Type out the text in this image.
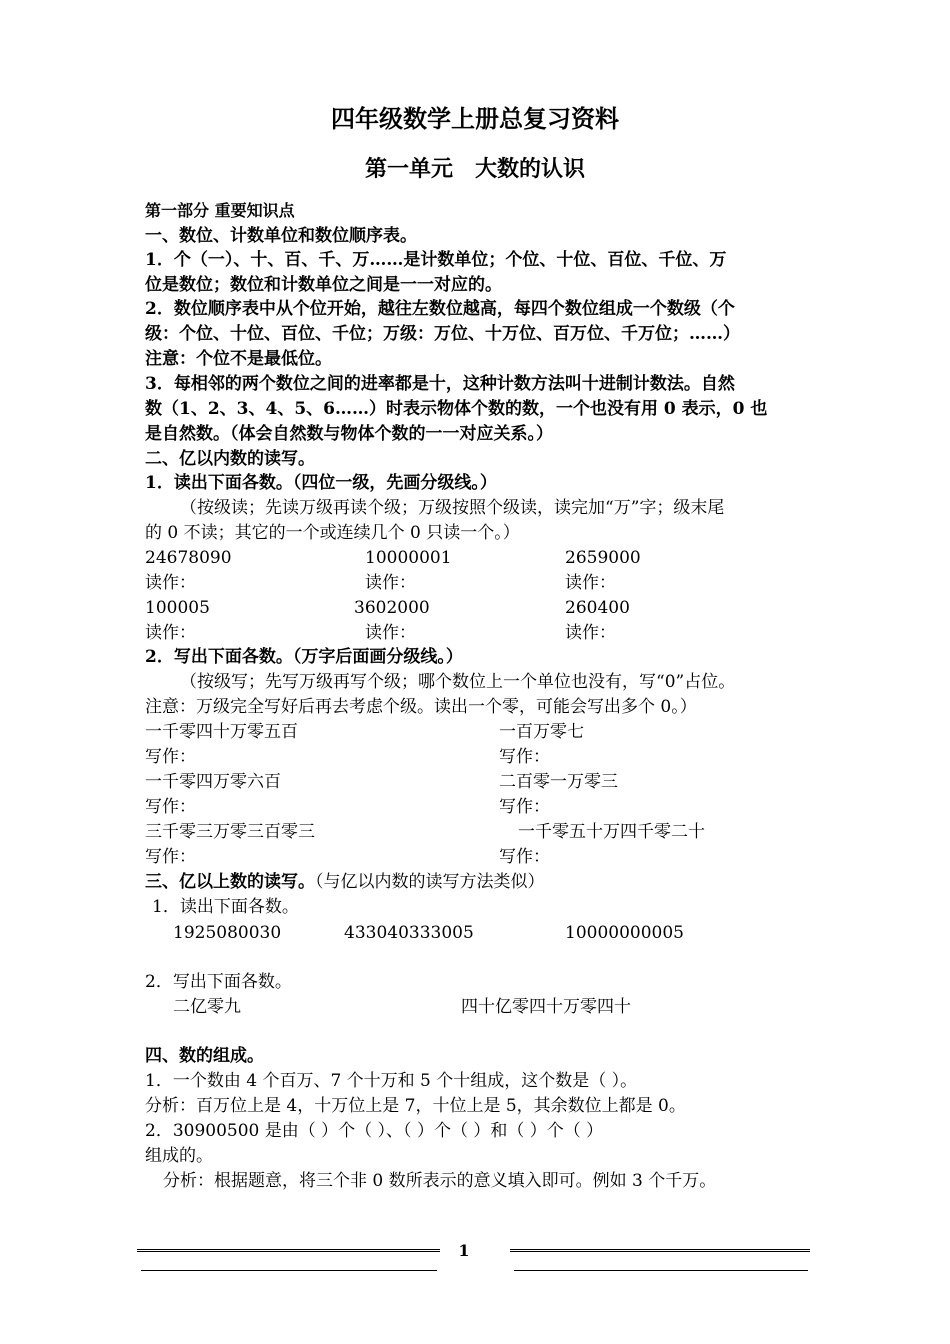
四年级数学上册总复习资料
第一单元　大数的认识
第一部分 重要知识点
一、数位、计数单位和数位顺序表。
1．个（一）、十、百、千、万……是计数单位；个位、十位、百位、千位、万
位是数位；数位和计数单位之间是一一对应的。
2．数位顺序表中从个位开始，越往左数位越高，每四个数位组成一个数级（个
级：个位、十位、百位、千位；万级：万位、十万位、百万位、千万位；……）
注意：个位不是最低位。
3．每相邻的两个数位之间的进率都是十，这种计数方法叫十进制计数法。自然
数（1、2、3、4、5、6……）时表示物体个数的数，一个也没有用 0 表示，0 也
是自然数。（体会自然数与物体个数的一一对应关系。）
二、亿以内数的读写。
1．读出下面各数。（四位一级，先画分级线。）
（按级读；先读万级再读个级；万级按照个级读，读完加“万”字；级末尾
的 0 不读；其它的一个或连续几个 0 只读一个。）
24678090	10000001	2659000
读作：	读作：	读作：
100005	3602000	260400
读作：	读作：	读作：
2．写出下面各数。（万字后面画分级线。）
（按级写；先写万级再写个级；哪个数位上一个单位也没有，写“0”占位。
注意：万级完全写好后再去考虑个级。读出一个零，可能会写出多个 0。）
一千零四十万零五百	一百万零七
写作：	写作：
一千零四万零六百	二百零一万零三
写作：	写作：
三千零三万零三百零三	一千零五十万四千零二十
写作：	写作：
三、亿以上数的读写。（与亿以内数的读写方法类似）
1．读出下面各数。
1925080030	433040333005	10000000005
2．写出下面各数。
二亿零九	四十亿零四十万零四十
四、数的组成。
1．一个数由 4 个百万、7 个十万和 5 个十组成，这个数是（ ）。
分析：百万位上是 4，十万位上是 7，十位上是 5，其余数位上都是 0。
2．30900500 是由（ ）个（ ）、（ ）个（ ）和（ ）个（ ）
组成的。
分析：根据题意，将三个非 0 数所表示的意义填入即可。例如 3 个千万。
1
